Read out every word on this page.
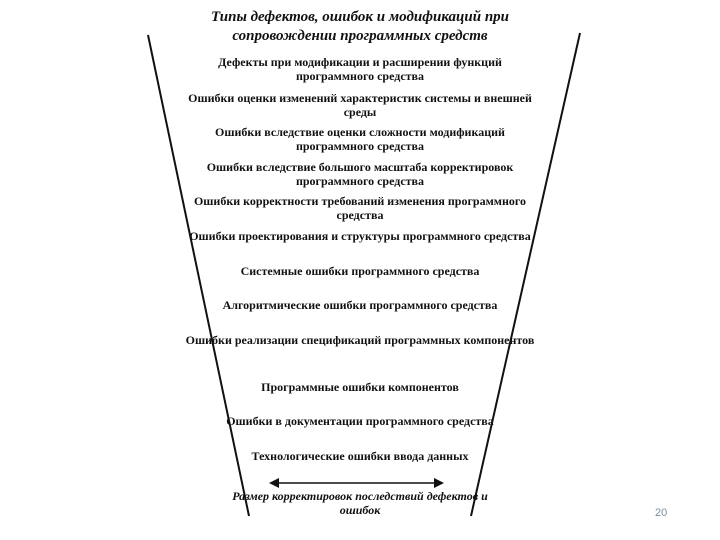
Типы дефектов, ошибок и модификаций при сопровождении программных средств
Дефекты при модификации и расширении функций программного средства
Ошибки оценки изменений характеристик системы и внешней среды
Ошибки вследствие оценки сложности модификаций программного средства
Ошибки вследствие большого масштаба корректировок программного средства
Ошибки корректности требований изменения программного средства
Ошибки проектирования и структуры программного средства
Системные ошибки программного средства
Алгоритмические ошибки программного средства
Ошибки реализации спецификаций программных компонентов
Программные ошибки компонентов
Ошибки в документации программного средства
Технологические ошибки ввода данных
Размер корректировок последствий дефектов и ошибок	20
